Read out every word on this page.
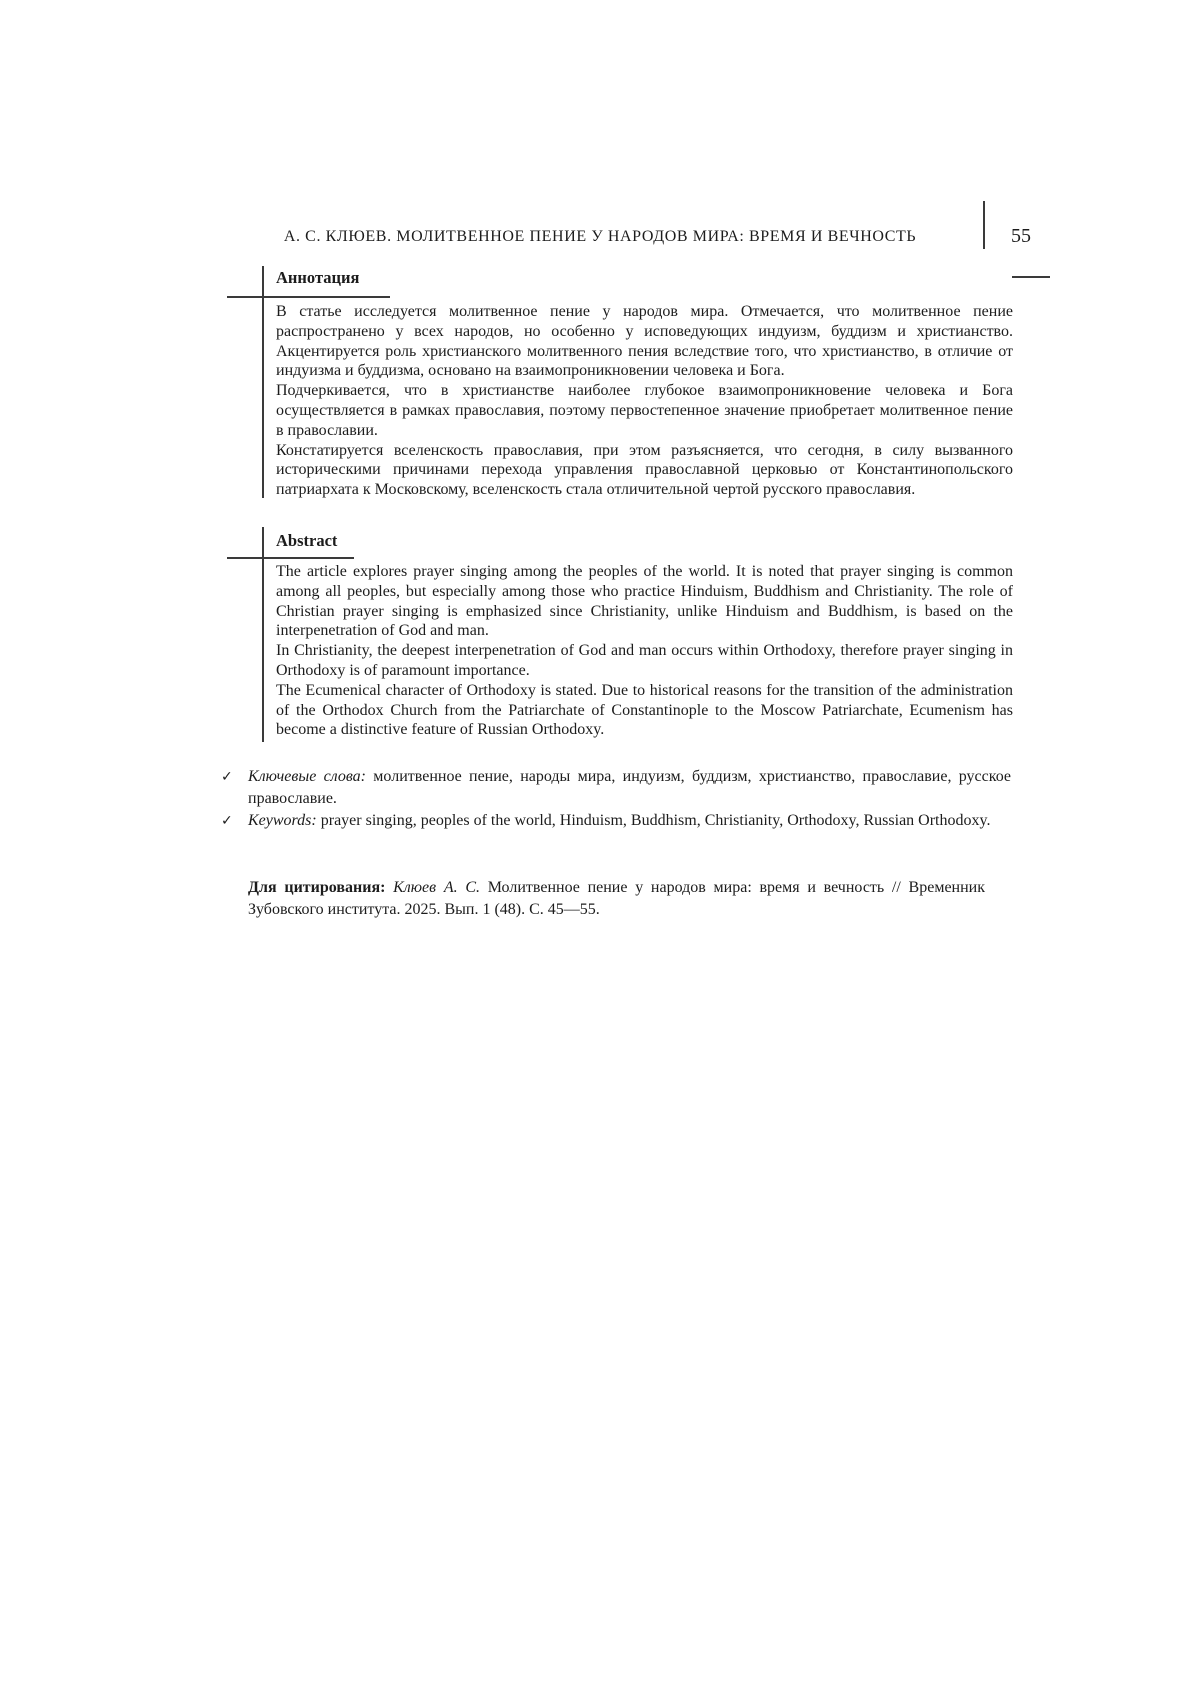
А. С. КЛЮЕВ. МОЛИТВЕННОЕ ПЕНИЕ У НАРОДОВ МИРА: ВРЕМЯ И ВЕЧНОСТЬ	55
Аннотация

В статье исследуется молитвенное пение у народов мира. Отмечается, что молитвенное пение распространено у всех народов, но особенно у исповедующих индуизм, буддизм и христианство. Акцентируется роль христианского молитвенного пения вследствие того, что христианство, в отличие от индуизма и буддизма, основано на взаимопроникновении человека и Бога.

Подчеркивается, что в христианстве наиболее глубокое взаимопроникновение человека и Бога осуществляется в рамках православия, поэтому первостепенное значение приобретает молитвенное пение в православии.

Констатируется вселенскость православия, при этом разъясняется, что сегодня, в силу вызванного историческими причинами перехода управления православной церковью от Константинопольского патриархата к Московскому, вселенскость стала отличительной чертой русского православия.

Abstract

The article explores prayer singing among the peoples of the world. It is noted that prayer singing is common among all peoples, but especially among those who practice Hinduism, Buddhism and Christianity. The role of Christian prayer singing is emphasized since Christianity, unlike Hinduism and Buddhism, is based on the interpenetration of God and man.

In Christianity, the deepest interpenetration of God and man occurs within Orthodoxy, therefore prayer singing in Orthodoxy is of paramount importance.

The Ecumenical character of Orthodoxy is stated. Due to historical reasons for the transition of the administration of the Orthodox Church from the Patriarchate of Constantinople to the Moscow Patriarchate, Ecumenism has become a distinctive feature of Russian Orthodoxy.

✓ Ключевые слова: молитвенное пение, народы мира, индуизм, буддизм, христианство, православие, русское православие.
✓ Keywords: prayer singing, peoples of the world, Hinduism, Buddhism, Christianity, Orthodoxy, Russian Orthodoxy.
Для цитирования: Клюев А. С. Молитвенное пение у народов мира: время и вечность // Временник Зубовского института. 2025. Вып. 1 (48). С. 45—55.
